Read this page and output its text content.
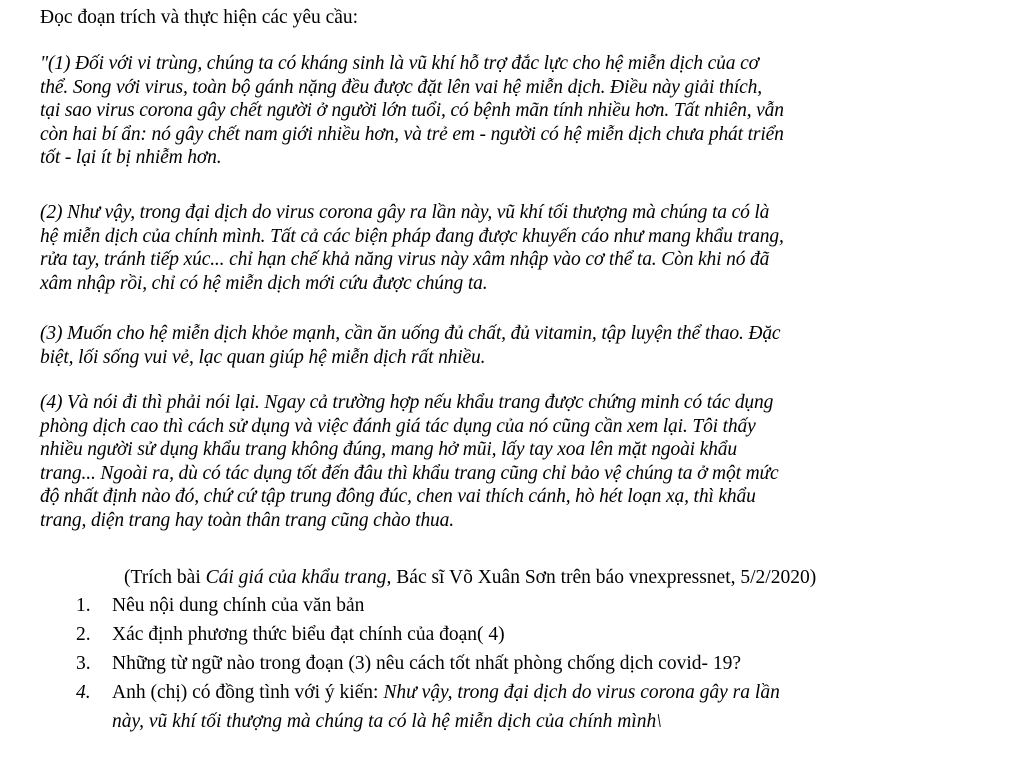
Đọc đoạn trích và thực hiện các yêu cầu:

"(1) Đối với vi trùng, chúng ta có kháng sinh là vũ khí hỗ trợ đắc lực cho hệ miễn dịch của cơ
thể. Song với virus, toàn bộ gánh nặng đều được đặt lên vai hệ miễn dịch. Điều này giải thích,
tại sao virus corona gây chết người ở người lớn tuổi, có bệnh mãn tính nhiều hơn. Tất nhiên, vẫn
còn hai bí ẩn: nó gây chết nam giới nhiều hơn, và trẻ em - người có hệ miễn dịch chưa phát triển
tốt - lại ít bị nhiễm hơn.

(2) Như vậy, trong đại dịch do virus corona gây ra lần này, vũ khí tối thượng mà chúng ta có là
hệ miễn dịch của chính mình. Tất cả các biện pháp đang được khuyến cáo như mang khẩu trang,
rửa tay, tránh tiếp xúc... chỉ hạn chế khả năng virus này xâm nhập vào cơ thể ta. Còn khi nó đã
xâm nhập rồi, chỉ có hệ miễn dịch mới cứu được chúng ta.

(3) Muốn cho hệ miễn dịch khỏe mạnh, cần ăn uống đủ chất, đủ vitamin, tập luyện thể thao. Đặc
biệt, lối sống vui vẻ, lạc quan giúp hệ miễn dịch rất nhiều.

(4) Và nói đi thì phải nói lại. Ngay cả trường hợp nếu khẩu trang được chứng minh có tác dụng
phòng dịch cao thì cách sử dụng và việc đánh giá tác dụng của nó cũng cần xem lại. Tôi thấy
nhiều người sử dụng khẩu trang không đúng, mang hở mũi, lấy tay xoa lên mặt ngoài khẩu
trang... Ngoài ra, dù có tác dụng tốt đến đâu thì khẩu trang cũng chỉ bảo vệ chúng ta ở một mức
độ nhất định nào đó, chứ cứ tập trung đông đúc, chen vai thích cánh, hò hét loạn xạ, thì khẩu
trang, diện trang hay toàn thân trang cũng chào thua.

(Trích bài Cái giá của khẩu trang, Bác sĩ Võ Xuân Sơn trên báo vnexpressnet, 5/2/2020)

1. Nêu nội dung chính của văn bản
2. Xác định phương thức biểu đạt chính của đoạn( 4)
3. Những từ ngữ nào trong đoạn (3) nêu cách tốt nhất phòng chống dịch covid- 19?
4. Anh (chị) có đồng tình với ý kiến: Như vậy, trong đại dịch do virus corona gây ra lần
này, vũ khí tối thượng mà chúng ta có là hệ miễn dịch của chính mình\
